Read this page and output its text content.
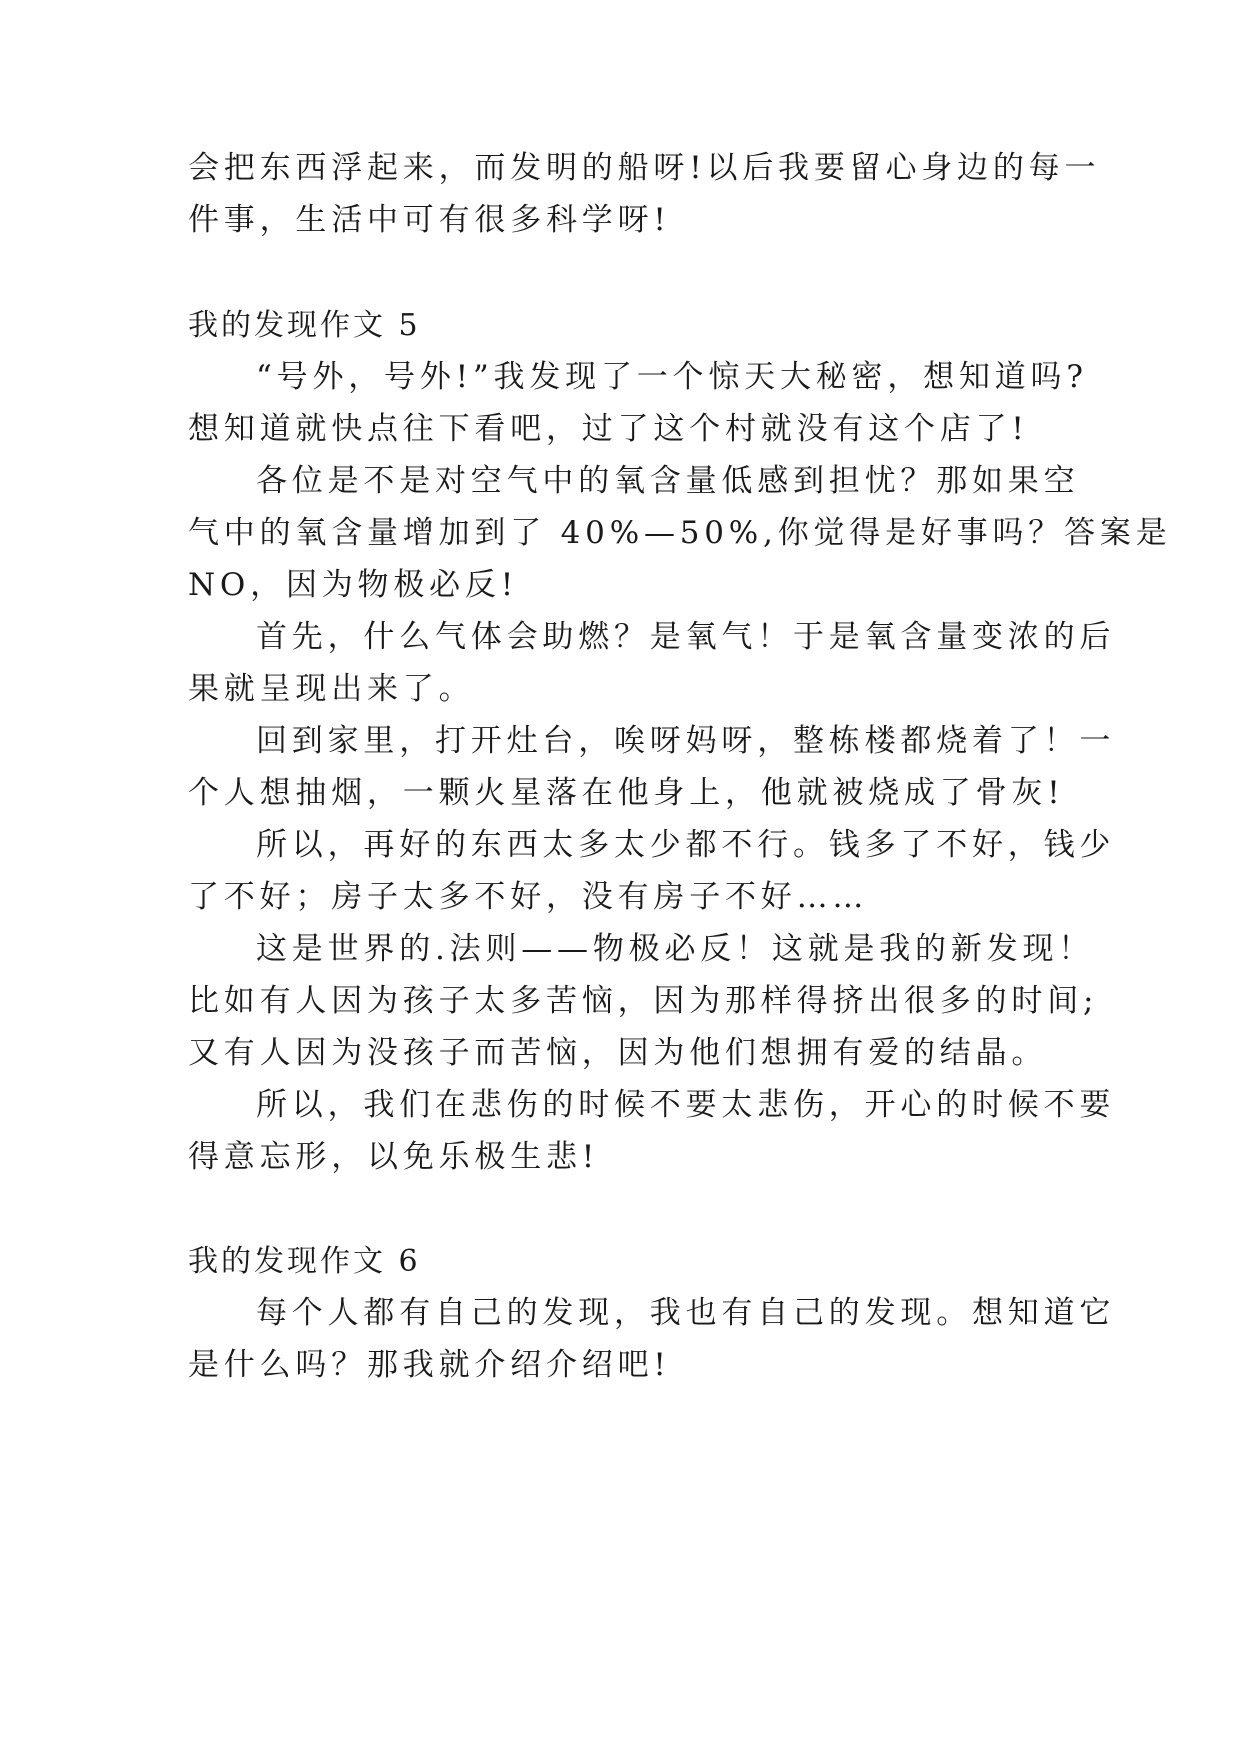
会把东西浮起来，而发明的船呀!以后我要留心身边的每一
件事，生活中可有很多科学呀!
我的发现作文 5
“号外，号外!”我发现了一个惊天大秘密，想知道吗?
想知道就快点往下看吧，过了这个村就没有这个店了!
各位是不是对空气中的氧含量低感到担忧？那如果空
气中的氧含量增加到了 40%—50%,你觉得是好事吗？答案是
NO，因为物极必反!
首先，什么气体会助燃？是氧气！于是氧含量变浓的后
果就呈现出来了。
回到家里，打开灶台，唉呀妈呀，整栋楼都烧着了！一
个人想抽烟，一颗火星落在他身上，他就被烧成了骨灰!
所以，再好的东西太多太少都不行。钱多了不好，钱少
了不好；房子太多不好，没有房子不好……
这是世界的.法则——物极必反！这就是我的新发现！
比如有人因为孩子太多苦恼，因为那样得挤出很多的时间;
又有人因为没孩子而苦恼，因为他们想拥有爱的结晶。
所以，我们在悲伤的时候不要太悲伤，开心的时候不要
得意忘形，以免乐极生悲!
我的发现作文 6
每个人都有自己的发现，我也有自己的发现。想知道它
是什么吗？那我就介绍介绍吧!
